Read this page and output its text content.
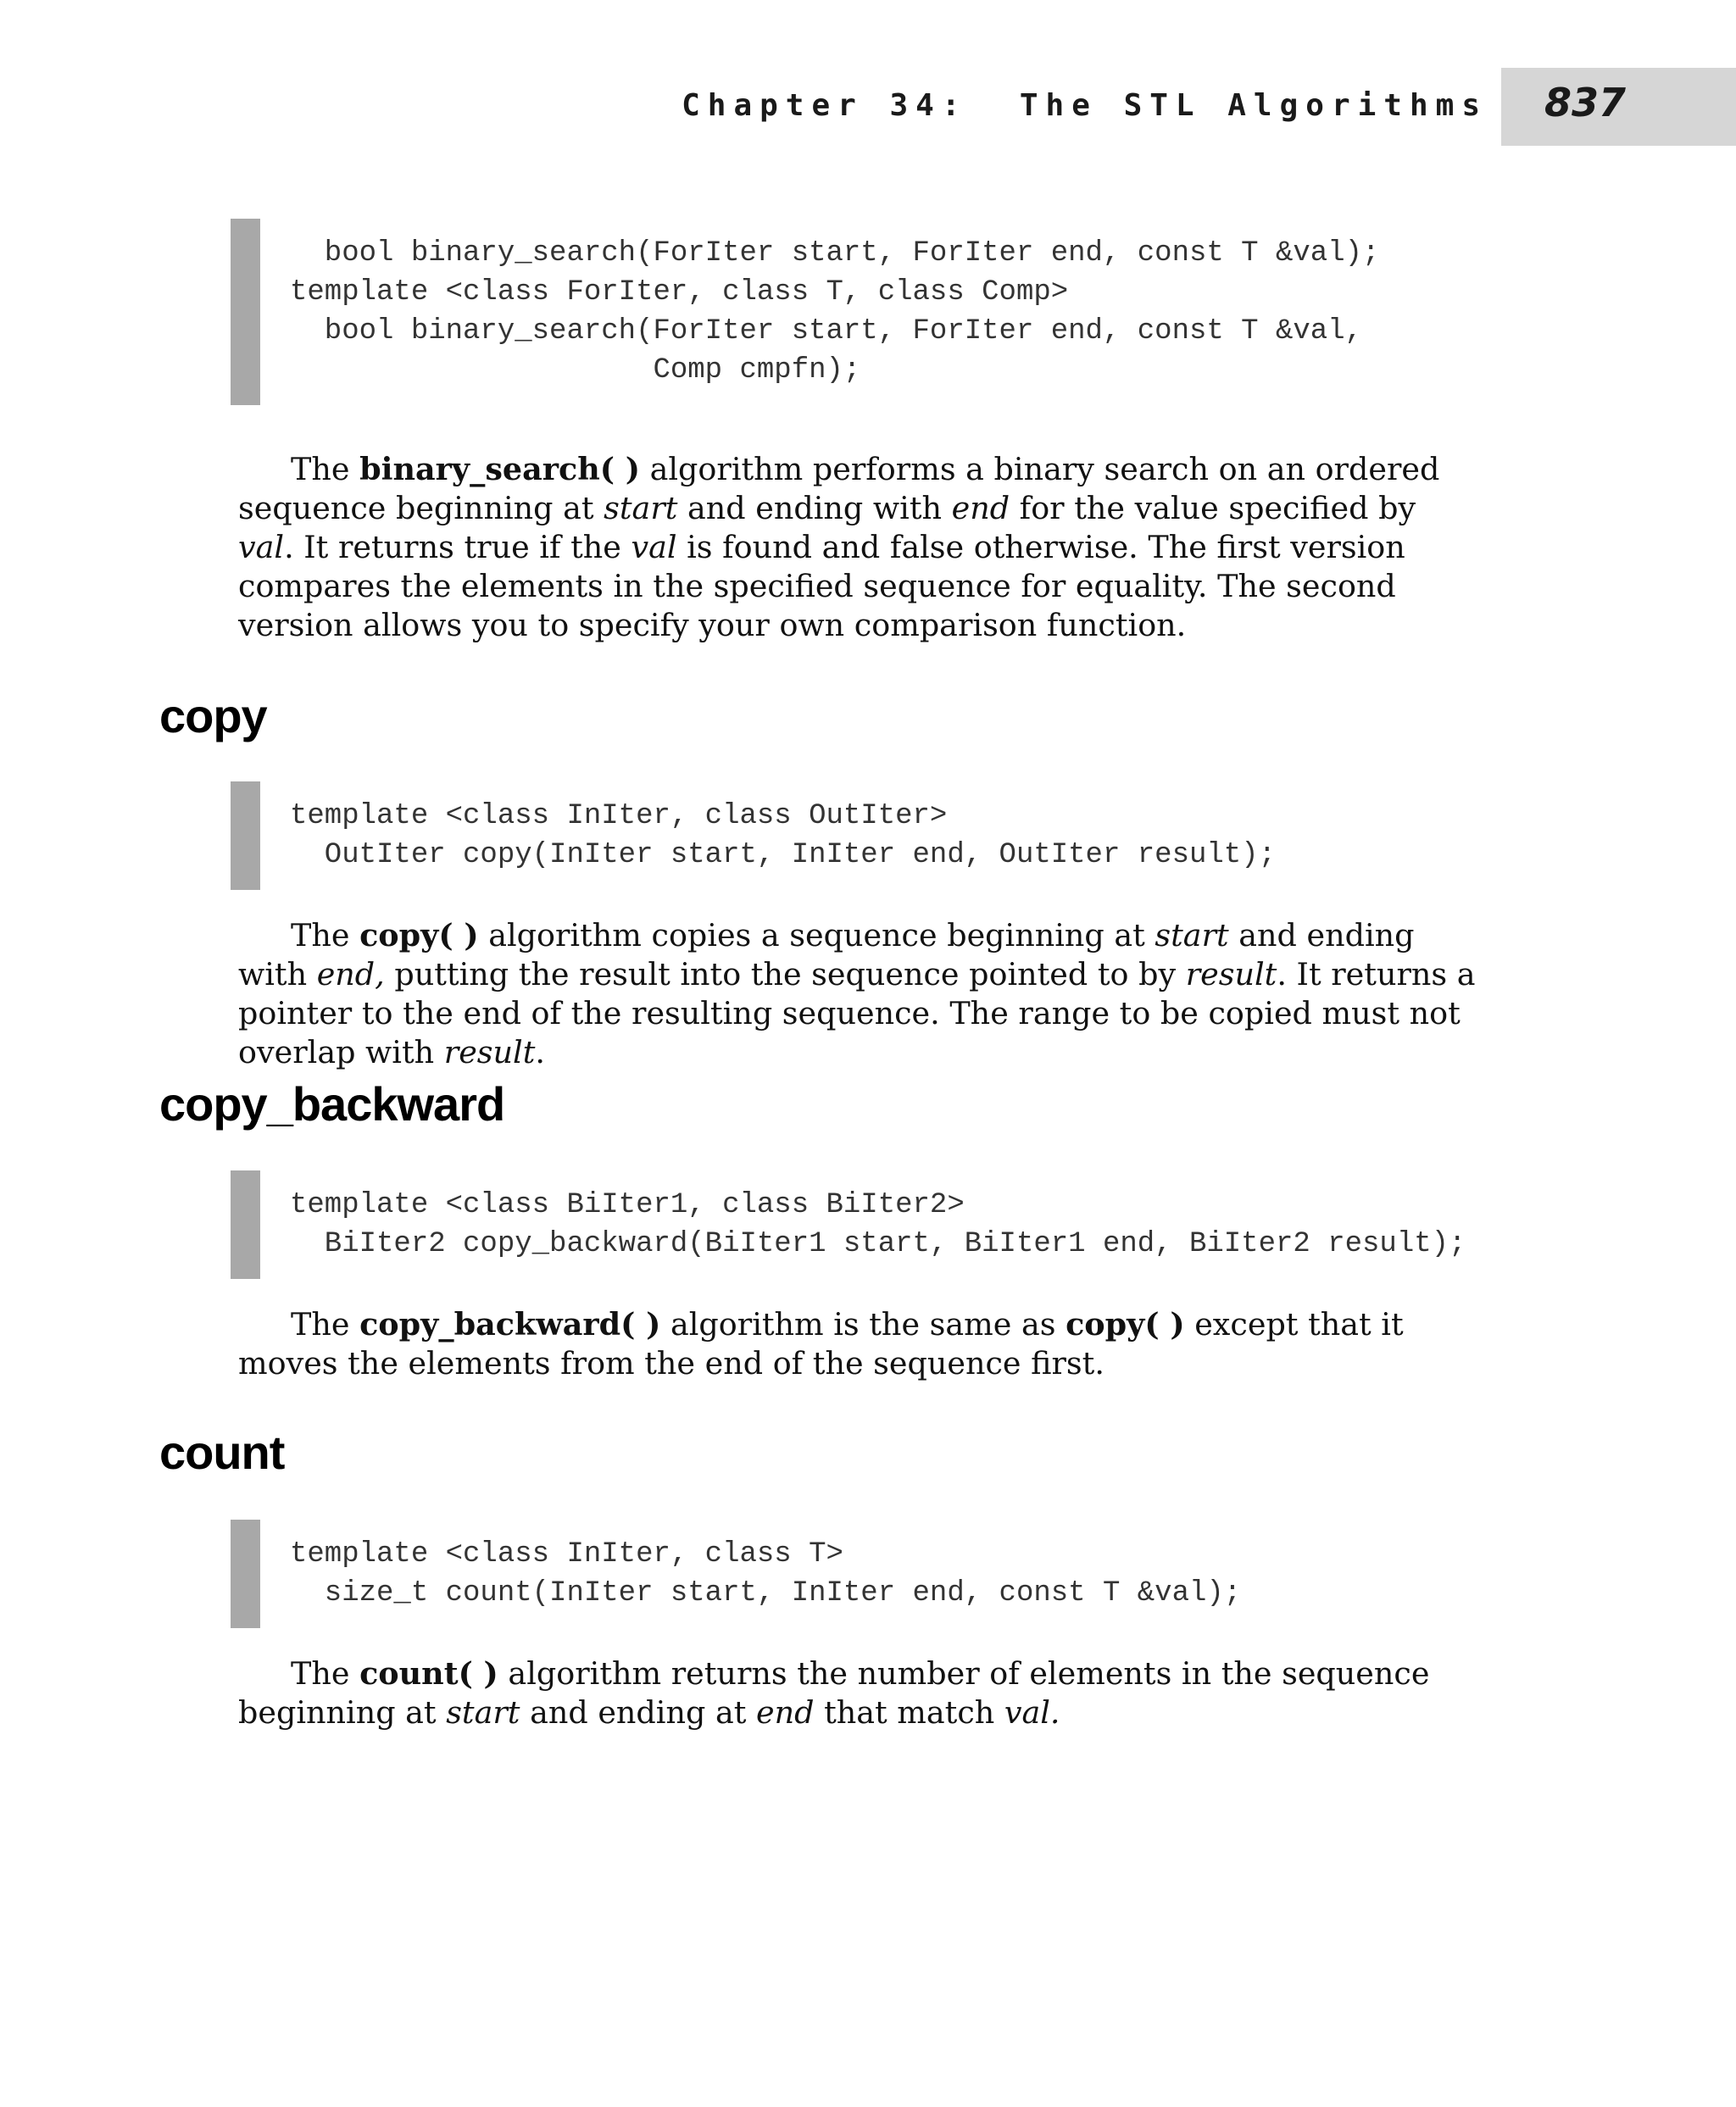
Chapter 34:  The STL Algorithms 837
bool binary_search(ForIter start, ForIter end, const T &val);
template <class ForIter, class T, class Comp>
bool binary_search(ForIter start, ForIter end, const T &val,
Comp cmpfn);

The binary_search( ) algorithm performs a binary search on an ordered sequence beginning at start and ending with end for the value specified by val. It returns true if the val is found and false otherwise. The first version compares the elements in the specified sequence for equality. The second version allows you to specify your own comparison function.

copy
template <class InIter, class OutIter>
OutIter copy(InIter start, InIter end, OutIter result);

The copy( ) algorithm copies a sequence beginning at start and ending with end, putting the result into the sequence pointed to by result. It returns a pointer to the end of the resulting sequence. The range to be copied must not overlap with result.

copy_backward
template <class BiIter1, class BiIter2>
BiIter2 copy_backward(BiIter1 start, BiIter1 end, BiIter2 result);

The copy_backward( ) algorithm is the same as copy( ) except that it moves the elements from the end of the sequence first.

count
template <class InIter, class T>
size_t count(InIter start, InIter end, const T &val);

The count( ) algorithm returns the number of elements in the sequence beginning at start and ending at end that match val.
